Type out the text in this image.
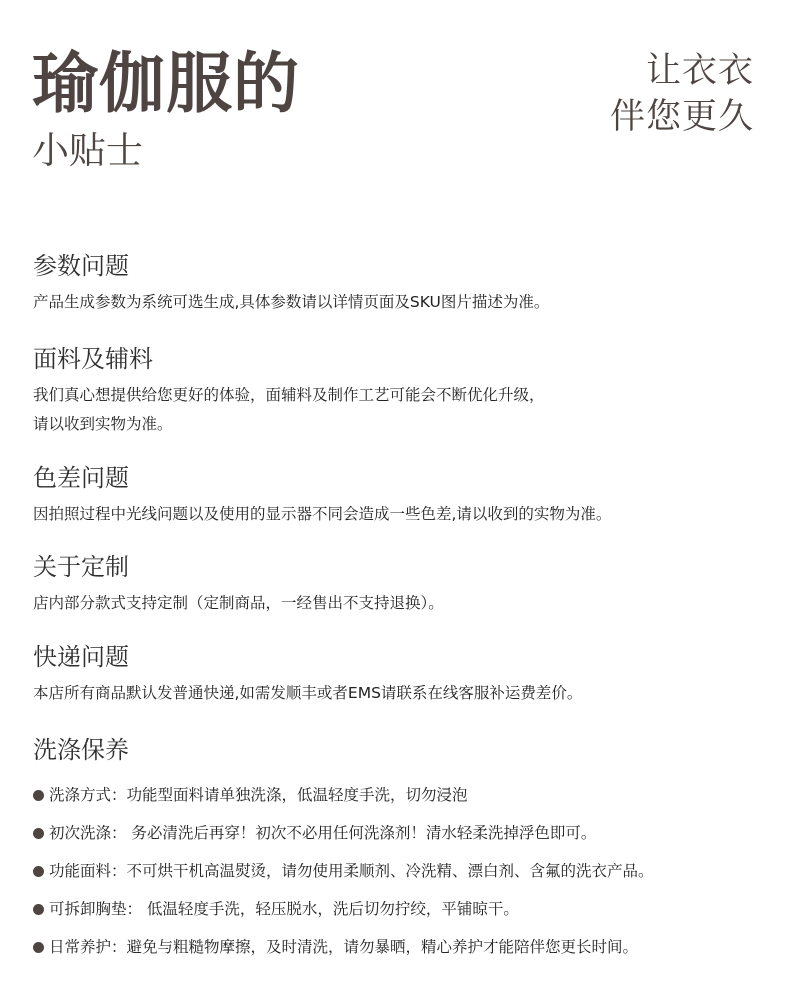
瑜伽服的
小贴士
让衣衣
伴您更久
参数问题
产品生成参数为系统可选生成,具体参数请以详情页面及SKU图片描述为准。
面料及辅料
我们真心想提供给您更好的体验，面辅料及制作工艺可能会不断优化升级，
请以收到实物为准。
色差问题
因拍照过程中光线问题以及使用的显示器不同会造成一些色差,请以收到的实物为准。
关于定制
店内部分款式支持定制（定制商品，一经售出不支持退换）。
快递问题
本店所有商品默认发普通快递,如需发顺丰或者EMS请联系在线客服补运费差价。
洗涤保养
洗涤方式：功能型面料请单独洗涤，低温轻度手洗，切勿浸泡
初次洗涤： 务必清洗后再穿！初次不必用任何洗涤剂！清水轻柔洗掉浮色即可。
功能面料：不可烘干机高温熨烫，请勿使用柔顺剂、冷洗精、漂白剂、含氟的洗衣产品。
可拆卸胸垫： 低温轻度手洗，轻压脱水，洗后切勿拧绞，平铺晾干。
日常养护：避免与粗糙物摩擦，及时清洗，请勿暴晒，精心养护才能陪伴您更长时间。
